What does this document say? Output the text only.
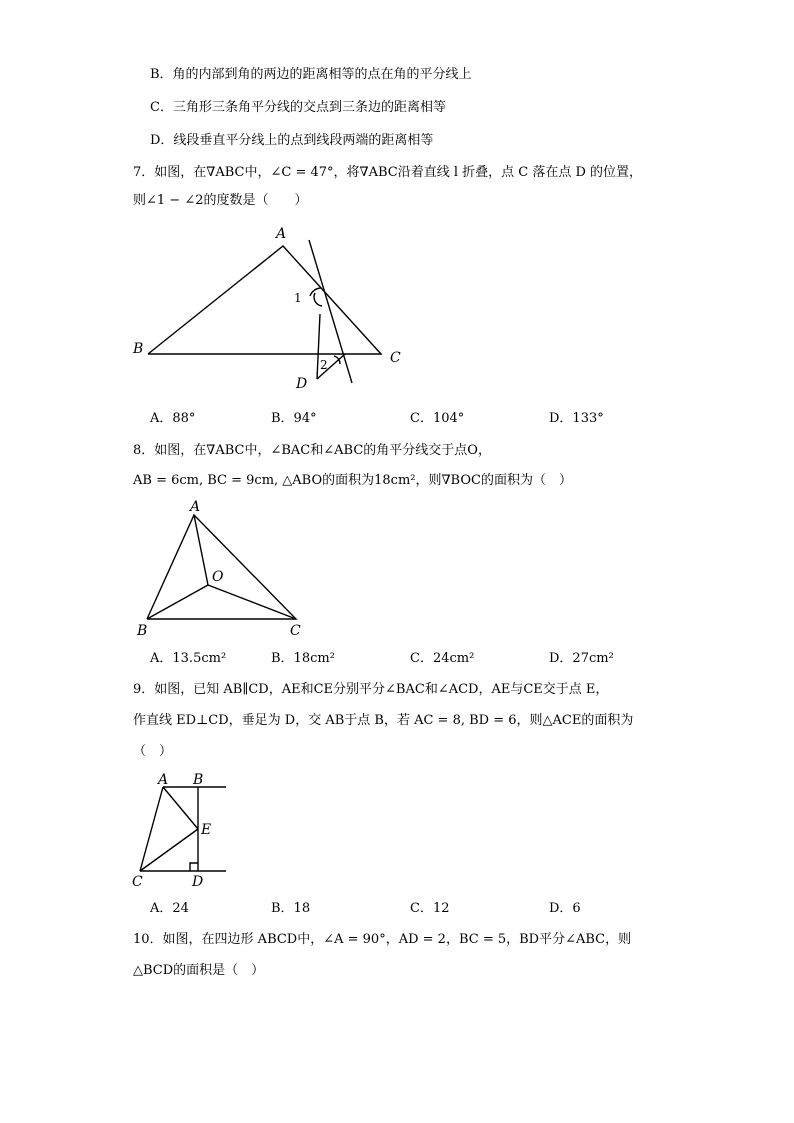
B．角的内部到角的两边的距离相等的点在角的平分线上
C．三角形三条角平分线的交点到三条边的距离相等
D．线段垂直平分线上的点到线段两端的距离相等
7．如图，在∇ABC中，∠C = 47°，将∇ABC沿着直线 l 折叠，点 C 落在点 D 的位置，
则∠1 − ∠2的度数是（　　）
A
B
C
D
1
2
A
B	C
O
A B
C	D
E
A．88°	B．94°	C．104°	D．133°
8．如图，在∇ABC中，∠BAC和∠ABC的角平分线交于点O，
AB = 6cm, BC = 9cm, △ABO的面积为18cm²，则∇BOC的面积为（　）
A．13.5cm²	B．18cm²	C．24cm²	D．27cm²
9．如图，已知 AB∥CD，AE和CE分别平分∠BAC和∠ACD，AE与CE交于点 E，
作直线 ED⊥CD，垂足为 D，交 AB于点 B，若 AC = 8, BD = 6，则△ACE的面积为
（　）
A．24	B．18	C．12	D．6
10．如图，在四边形 ABCD中，∠A = 90°，AD = 2，BC = 5，BD平分∠ABC，则
△BCD的面积是（　）
